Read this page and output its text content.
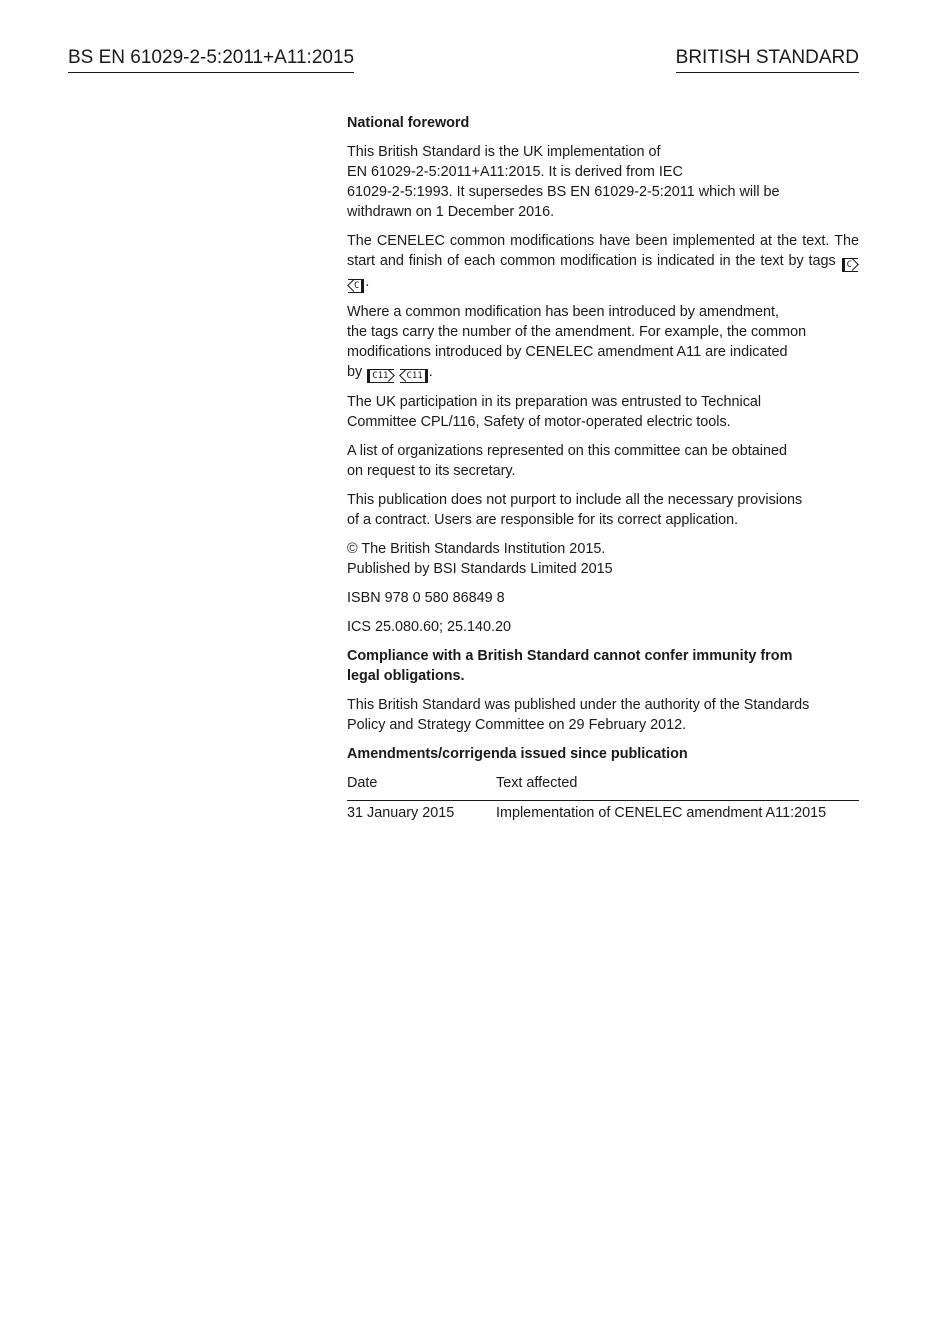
BS EN 61029-2-5:2011+A11:2015	BRITISH STANDARD

National foreword

This British Standard is the UK implementation of
EN 61029-2-5:2011+A11:2015. It is derived from IEC
61029-2-5:1993. It supersedes BS EN 61029-2-5:2011 which will be
withdrawn on 1 December 2016.

The CENELEC common modifications have been implemented at the text. The start and finish of each common modification is indicated in the text by tags C C .

Where a common modification has been introduced by amendment,
the tags carry the number of the amendment. For example, the common
modifications introduced by CENELEC amendment A11 are indicated
by C11 C11 .

The UK participation in its preparation was entrusted to Technical
Committee CPL/116, Safety of motor-operated electric tools.

A list of organizations represented on this committee can be obtained
on request to its secretary.

This publication does not purport to include all the necessary provisions
of a contract. Users are responsible for its correct application.

© The British Standards Institution 2015.
Published by BSI Standards Limited 2015

ISBN 978 0 580 86849 8

ICS 25.080.60; 25.140.20

Compliance with a British Standard cannot confer immunity from
legal obligations.

This British Standard was published under the authority of the Standards
Policy and Strategy Committee on 29 February 2012.

Amendments/corrigenda issued since publication

Date	Text affected
31 January 2015	Implementation of CENELEC amendment A11:2015
